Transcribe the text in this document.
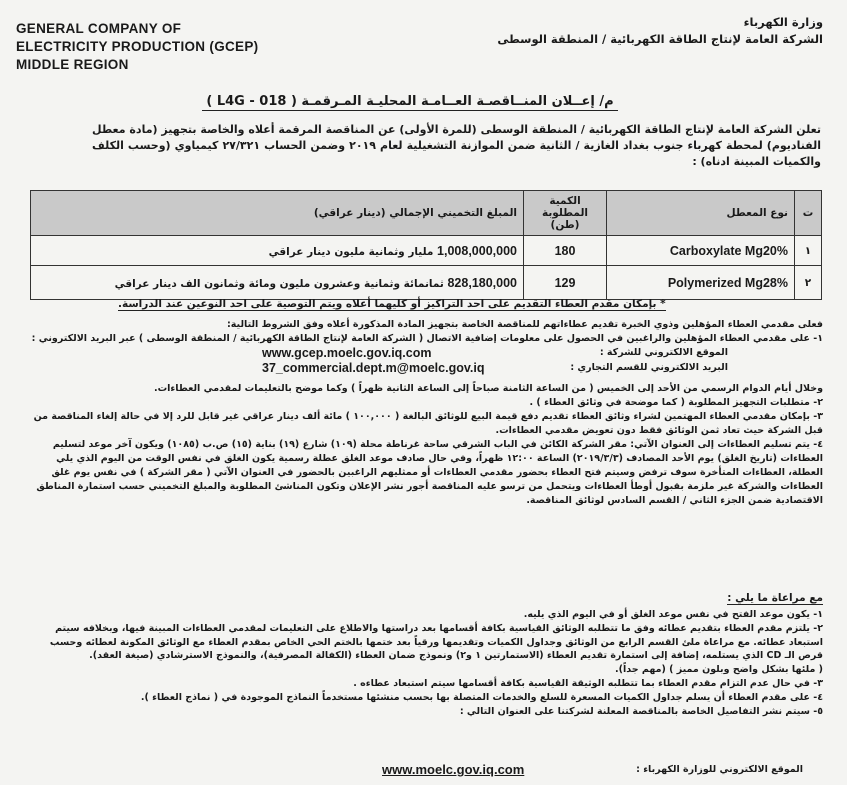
GENERAL COMPANY OF
ELECTRICITY PRODUCTION (GCEP)
MIDDLE REGION
وزارة الكهرباء
الشركة العامة لإنتاج الطاقة الكهربائية / المنطقة الوسطى
م/ إعــلان المنــاقصـة العــامـة المحليـة المـرقمـة ( L4G - 018 )
تعلن الشركة العامة لإنتاج الطاقة الكهربائية / المنطقة الوسطى (للمرة الأولى) عن المناقصة المرقمة أعلاه والخاصة بتجهيز (مادة معطل الفناديوم) لمحطة كهرباء جنوب بغداد الغازية / الثانية ضمن الموازنة التشغيلية لعام ٢٠١٩ وضمن الحساب ٢٧/٣٢١ كيمياوي (وحسب الكلف والكميات المبينة ادناه) :
ت	نوع المعطل	الكمية المطلوبة (طن)	المبلغ التخميني الإجمالي (دينار عراقي)
١	Carboxylate Mg20%	180	1,008,000,000 مليار وثمانية مليون دينار عراقي
٢	Polymerized Mg28%	129	828,180,000 ثمانمائة وثمانية وعشرون مليون ومائة وثمانون الف دينار عراقي
* بإمكان مقدم العطاء التقديم على احد التراكيز أو كليهما أعلاه ويتم التوصية على احد النوعين عند الدراسة.

فعلى مقدمي العطاء المؤهلين وذوي الخبرة تقديم عطاءاتهم للمناقصة الخاصة بتجهيز المادة المذكورة أعلاه وفق الشروط التالية:

١- على مقدمي العطاء المؤهلين والراغبين في الحصول على معلومات إضافية الاتصال ( الشركة العامة لإنتاج الطاقة الكهربائية / المنطقة الوسطى ) عبر البريد الالكتروني :

الموقع الالكتروني للشركة :
www.gcep.moelc.gov.iq.com
البريد الالكتروني للقسم التجاري :
37_commercial.dept.m@moelc.gov.iq

وخلال أيام الدوام الرسمي من الأحد إلى الخميس ( من الساعة الثامنة صباحاً إلى الساعة الثانية ظهراً ) وكما موضح بالتعليمات لمقدمي العطاءات.

٢- متطلبات التجهيز المطلوبة ( كما موضحة في وثائق العطاء ) .

٣- بإمكان مقدمي العطاء المهتمين لشراء وثائق العطاء تقديم دفع قيمة البيع للوثائق البالغة ( ١٠٠,٠٠٠ ) مائة ألف دينار عراقي غير قابل للرد إلا في حالة إلغاء المناقصة من قبل الشركة حيث تعاد ثمن الوثائق فقط دون تعويض مقدمي العطاءات.

٤- يتم تسليم العطاءات إلى العنوان الآتي: مقر الشركة الكائن في الباب الشرقي ساحة غرناطة محلة (١٠٩) شارع (١٩) بناية (١٥) ص.ب (١٠٨٥) ويكون آخر موعد لتسليم العطاءات (تاريخ الغلق) يوم الأحد المصادف (٢٠١٩/٣/٣) الساعة ١٢:٠٠ ظهراً، وفي حال صادف موعد الغلق عطلة رسمية يكون الغلق في نفس الوقت من اليوم الذي يلي العطلة، العطاءات المتأخرة سوف ترفض وسيتم فتح العطاء بحضور مقدمي العطاءات أو ممثليهم الراغبين بالحضور في العنوان الآتي ( مقر الشركة ) في نفس يوم غلق العطاءات والشركة غير ملزمة بقبول أوطأ العطاءات ويتحمل من ترسو عليه المناقصة أجور نشر الإعلان وتكون المناشئ المطلوبة والمبلغ التخميني حسب استمارة المناطق الاقتصادية ضمن الجزء الثاني / القسم السادس لوثائق المناقصة.

مع مراعاة ما يلي :

١- يكون موعد الفتح في نفس موعد الغلق أو في اليوم الذي يليه.

٢- يلتزم مقدم العطاء بتقديم عطائه وفق ما تتطلبه الوثائق القياسية بكافة أقسامها بعد دراستها والاطلاع على التعليمات لمقدمي العطاءات المبينة فيها، وبخلافه سيتم استبعاد عطائه. مع مراعاة ملئ القسم الرابع من الوثائق وجداول الكميات وتقديمها ورقياً بعد ختمها بالختم الحي الخاص بمقدم العطاء مع الوثائق المكونة لعطائه وحسب قرص الـ CD الذي يستلمه، إضافة إلى استمارة تقديم العطاء (الاستمارتين ١ و٢) ونموذج ضمان العطاء (الكفالة المصرفية)، والنموذج الاسترشادي (صيغة العقد).

( ملئها بشكل واضح وبلون مميز ) (مهم جداً).

٣- في حال عدم التزام مقدم العطاء بما تتطلبه الوثيقة القياسية بكافة أقسامها سيتم استبعاد عطاءه .

٤- على مقدم العطاء أن يسلم جداول الكميات المسعرة للسلع والخدمات المتصلة بها بحسب منشئها مستخدماً النماذج الموجودة في ( نماذج العطاء ).

٥- سيتم نشر التفاصيل الخاصة بالمناقصة المعلنة لشركتنا على العنوان التالي :

الموقع الالكتروني للوزارة الكهرباء :
www.moelc.gov.iq.com
